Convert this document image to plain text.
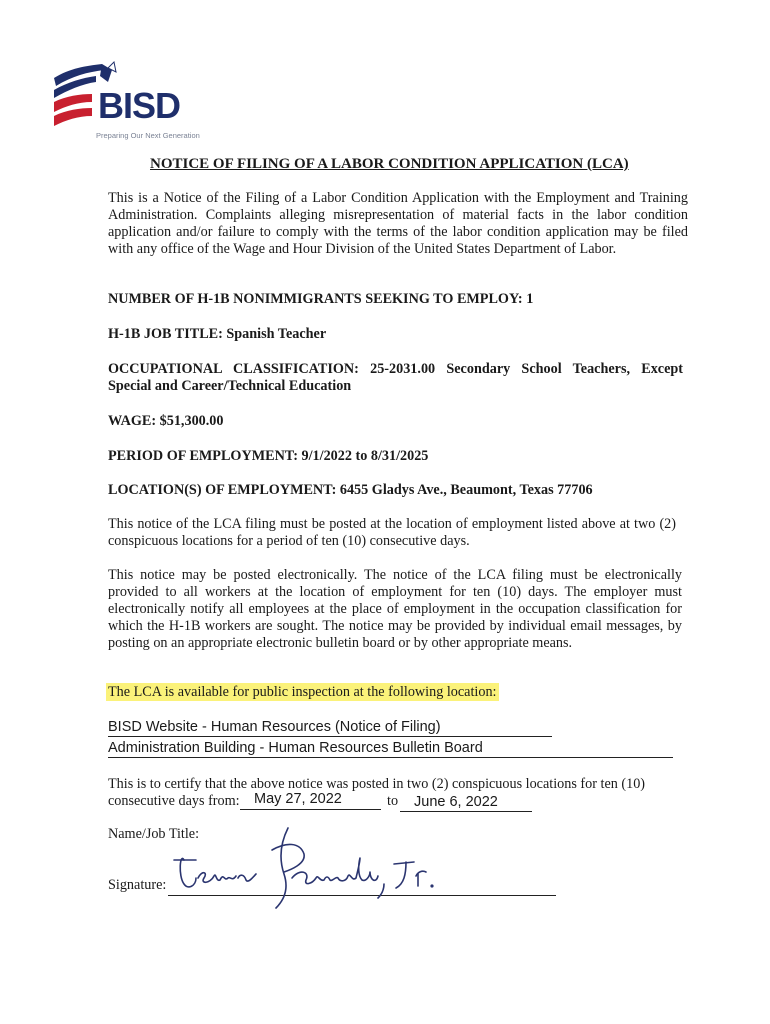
BISD
Preparing Our Next Generation
NOTICE OF FILING OF A LABOR CONDITION APPLICATION (LCA)
This is a Notice of the Filing of a Labor Condition Application with the Employment and Training Administration. Complaints alleging misrepresentation of material facts in the labor condition application and/or failure to comply with the terms of the labor condition application may be filed with any office of the Wage and Hour Division of the United States Department of Labor.
NUMBER OF H-1B NONIMMIGRANTS SEEKING TO EMPLOY: 1
H-1B JOB TITLE: Spanish Teacher
OCCUPATIONAL CLASSIFICATION: 25-2031.00 Secondary School Teachers, Except Special and Career/Technical Education
WAGE: $51,300.00
PERIOD OF EMPLOYMENT: 9/1/2022 to 8/31/2025
LOCATION(S) OF EMPLOYMENT: 6455 Gladys Ave., Beaumont, Texas 77706
This notice of the LCA filing must be posted at the location of employment listed above at two (2) conspicuous locations for a period of ten (10) consecutive days.
This notice may be posted electronically. The notice of the LCA filing must be electronically provided to all workers at the location of employment for ten (10) days. The employer must electronically notify all employees at the place of employment in the occupation classification for which the H-1B workers are sought. The notice may be provided by individual email messages, by posting on an appropriate electronic bulletin board or by other appropriate means.
The LCA is available for public inspection at the following location:
BISD Website - Human Resources (Notice of Filing)
Administration Building - Human Resources Bulletin Board
This is to certify that the above notice was posted in two (2) conspicuous locations for ten (10) consecutive days from: May 27, 2022	to June 6, 2022
Name/Job Title:
Signature:
